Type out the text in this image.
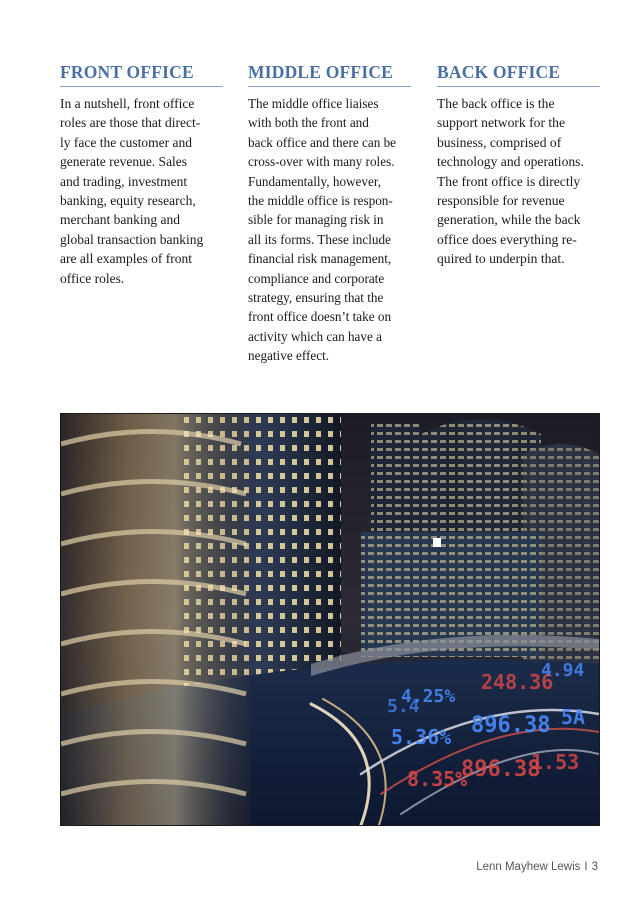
FRONT OFFICE

In a nutshell, front office
roles are those that direct-
ly face the customer and
generate revenue. Sales
and trading, investment
banking, equity research,
merchant banking and
global transaction banking
are all examples of front
office roles.

MIDDLE OFFICE

The middle office liaises
with both the front and
back office and there can be
cross-over with many roles.
Fundamentally, however,
the middle office is respon-
sible for managing risk in
all its forms. These include
financial risk management,
compliance and corporate
strategy, ensuring that the
front office doesn’t take on
activity which can have a
negative effect.

BACK OFFICE

The back office is the
support network for the
business, comprised of
technology and operations.
The front office is directly
responsible for revenue
generation, while the back
office does everything re-
quired to underpin that.

4.25%
248.36
5.36% 896.38
8.35%
896.38
5.4
1.53
4.94
5A
Lenn Mayhew Lewis I 3
